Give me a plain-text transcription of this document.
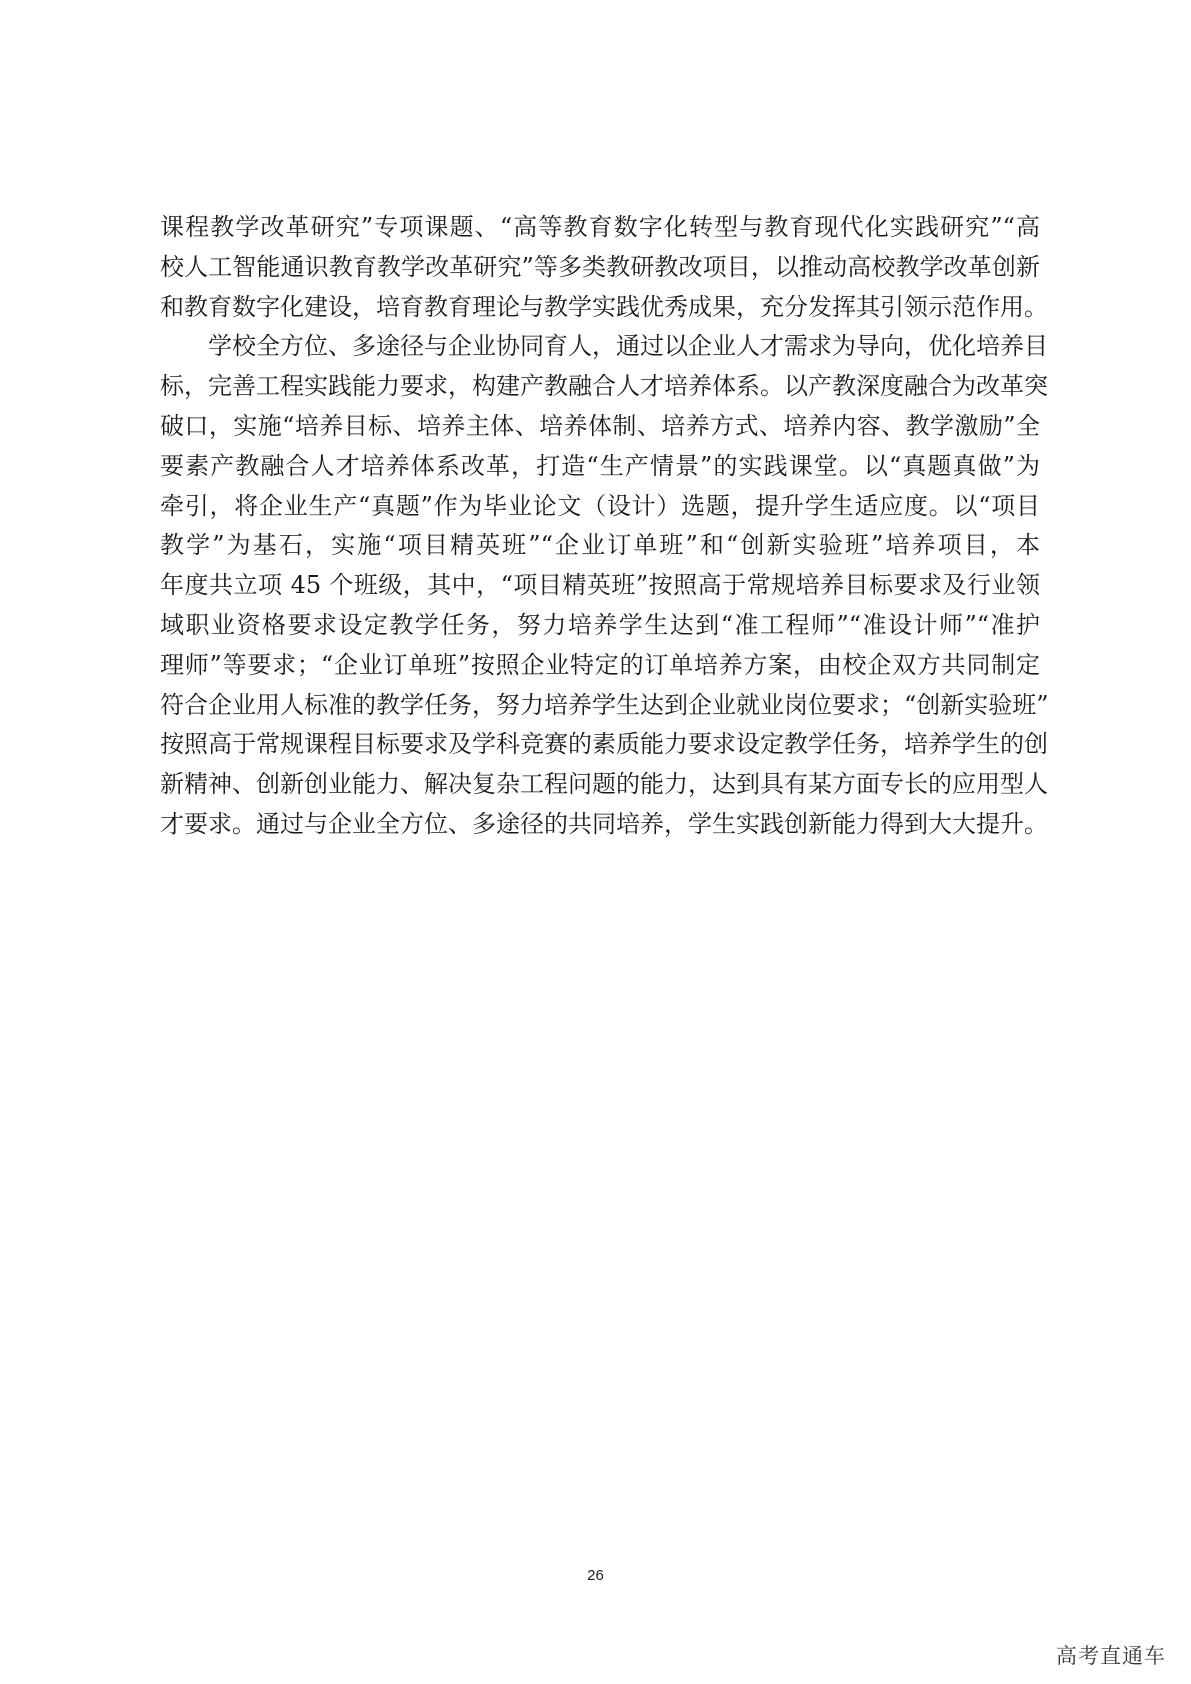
课程教学改革研究”专项课题、“高等教育数字化转型与教育现代化实践研究”“高
校人工智能通识教育教学改革研究”等多类教研教改项目，以推动高校教学改革创新
和教育数字化建设，培育教育理论与教学实践优秀成果，充分发挥其引领示范作用。
　　学校全方位、多途径与企业协同育人，通过以企业人才需求为导向，优化培养目
标，完善工程实践能力要求，构建产教融合人才培养体系。以产教深度融合为改革突
破口，实施“培养目标、培养主体、培养体制、培养方式、培养内容、教学激励”全
要素产教融合人才培养体系改革，打造“生产情景”的实践课堂。以“真题真做”为
牵引，将企业生产“真题”作为毕业论文（设计）选题，提升学生适应度。以“项目
教学”为基石，实施“项目精英班”“企业订单班”和“创新实验班”培养项目，本
年度共立项 45 个班级，其中，“项目精英班”按照高于常规培养目标要求及行业领
域职业资格要求设定教学任务，努力培养学生达到“准工程师”“准设计师”“准护
理师”等要求；“企业订单班”按照企业特定的订单培养方案，由校企双方共同制定
符合企业用人标准的教学任务，努力培养学生达到企业就业岗位要求；“创新实验班”
按照高于常规课程目标要求及学科竞赛的素质能力要求设定教学任务，培养学生的创
新精神、创新创业能力、解决复杂工程问题的能力，达到具有某方面专长的应用型人
才要求。通过与企业全方位、多途径的共同培养，学生实践创新能力得到大大提升。
26
高考直通车
